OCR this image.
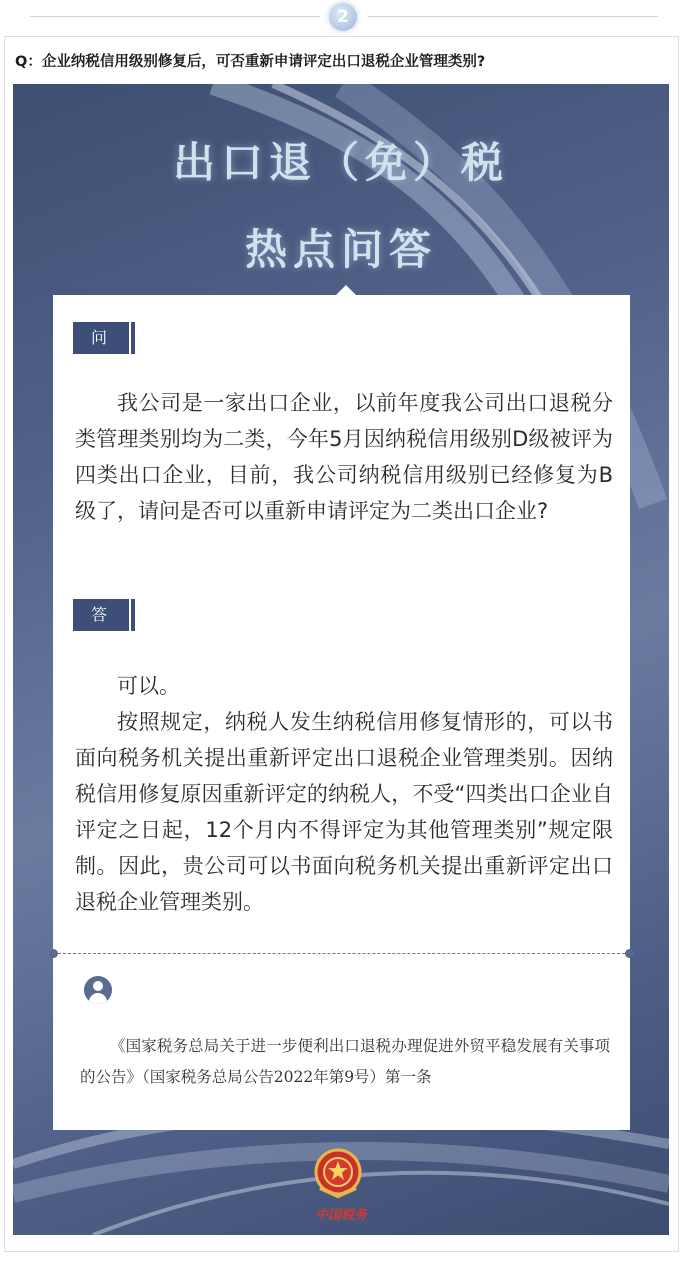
2
Q：企业纳税信用级别修复后，可否重新申请评定出口退税企业管理类别?
出口退（免）税
热点问答
问
我公司是一家出口企业，以前年度我公司出口退税分类管理类别均为二类，今年5月因纳税信用级别D级被评为四类出口企业，目前，我公司纳税信用级别已经修复为B级了，请问是否可以重新申请评定为二类出口企业?
答
可以。
按照规定，纳税人发生纳税信用修复情形的，可以书面向税务机关提出重新评定出口退税企业管理类别。因纳税信用修复原因重新评定的纳税人，不受“四类出口企业自评定之日起，12个月内不得评定为其他管理类别”规定限制。因此，贵公司可以书面向税务机关提出重新评定出口退税企业管理类别。
《国家税务总局关于进一步便利出口退税办理促进外贸平稳发展有关事项的公告》（国家税务总局公告2022年第9号）第一条
中国税务
